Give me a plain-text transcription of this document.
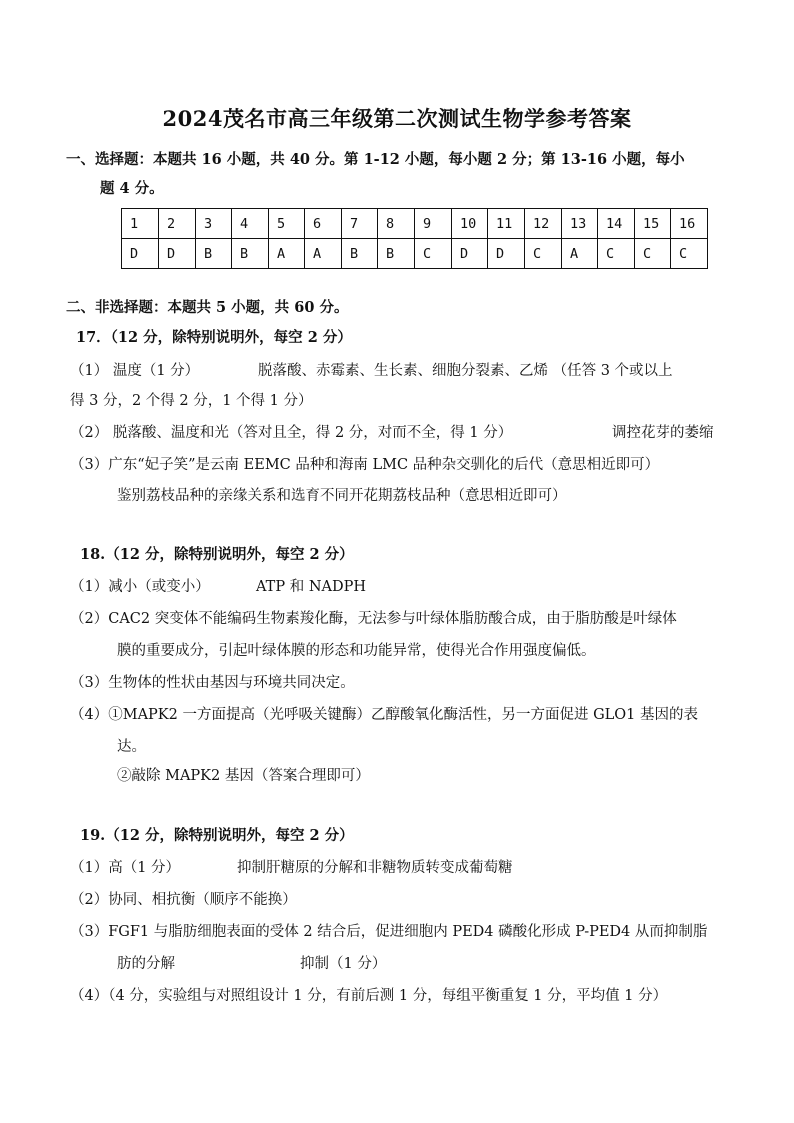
2024茂名市高三年级第二次测试生物学参考答案
一、选择题：本题共 16 小题，共 40 分。第 1-12 小题，每小题 2 分；第 13-16 小题，每小
题 4 分。
1	2	3	4	5	6	7	8	9	10	11	12	13	14	15	16
D	D	B	B	A	A	B	B	C	D	D	C	A	C	C	C
二、非选择题：本题共 5 小题，共 60 分。
17．（12 分，除特别说明外，每空 2 分）
（1） 温度（1 分）	脱落酸、赤霉素、生长素、细胞分裂素、乙烯 （任答 3 个或以上
得 3 分，2 个得 2 分，1 个得 1 分）
（2） 脱落酸、温度和光（答对且全，得 2 分，对而不全，得 1 分）	调控花芽的萎缩
（3）广东“妃子笑”是云南 EEMC 品种和海南 LMC 品种杂交驯化的后代（意思相近即可）
鉴别荔枝品种的亲缘关系和选育不同开花期荔枝品种（意思相近即可）
18.（12 分，除特别说明外，每空 2 分）
（1）减小（或变小）	ATP 和 NADPH
（2）CAC2 突变体不能编码生物素羧化酶，无法参与叶绿体脂肪酸合成，由于脂肪酸是叶绿体
膜的重要成分，引起叶绿体膜的形态和功能异常，使得光合作用强度偏低。
（3）生物体的性状由基因与环境共同决定。
（4）①MAPK2 一方面提高（光呼吸关键酶）乙醇酸氧化酶活性，另一方面促进 GLO1 基因的表
达。
②敲除 MAPK2 基因（答案合理即可）
19.（12 分，除特别说明外，每空 2 分）
（1）高（1 分）	抑制肝糖原的分解和非糖物质转变成葡萄糖
（2）协同、相抗衡（顺序不能换）
（3）FGF1 与脂肪细胞表面的受体 2 结合后，促进细胞内 PED4 磷酸化形成 P-PED4 从而抑制脂
肪的分解	抑制（1 分）
（4）（4 分，实验组与对照组设计 1 分，有前后测 1 分，每组平衡重复 1 分，平均值 1 分）
